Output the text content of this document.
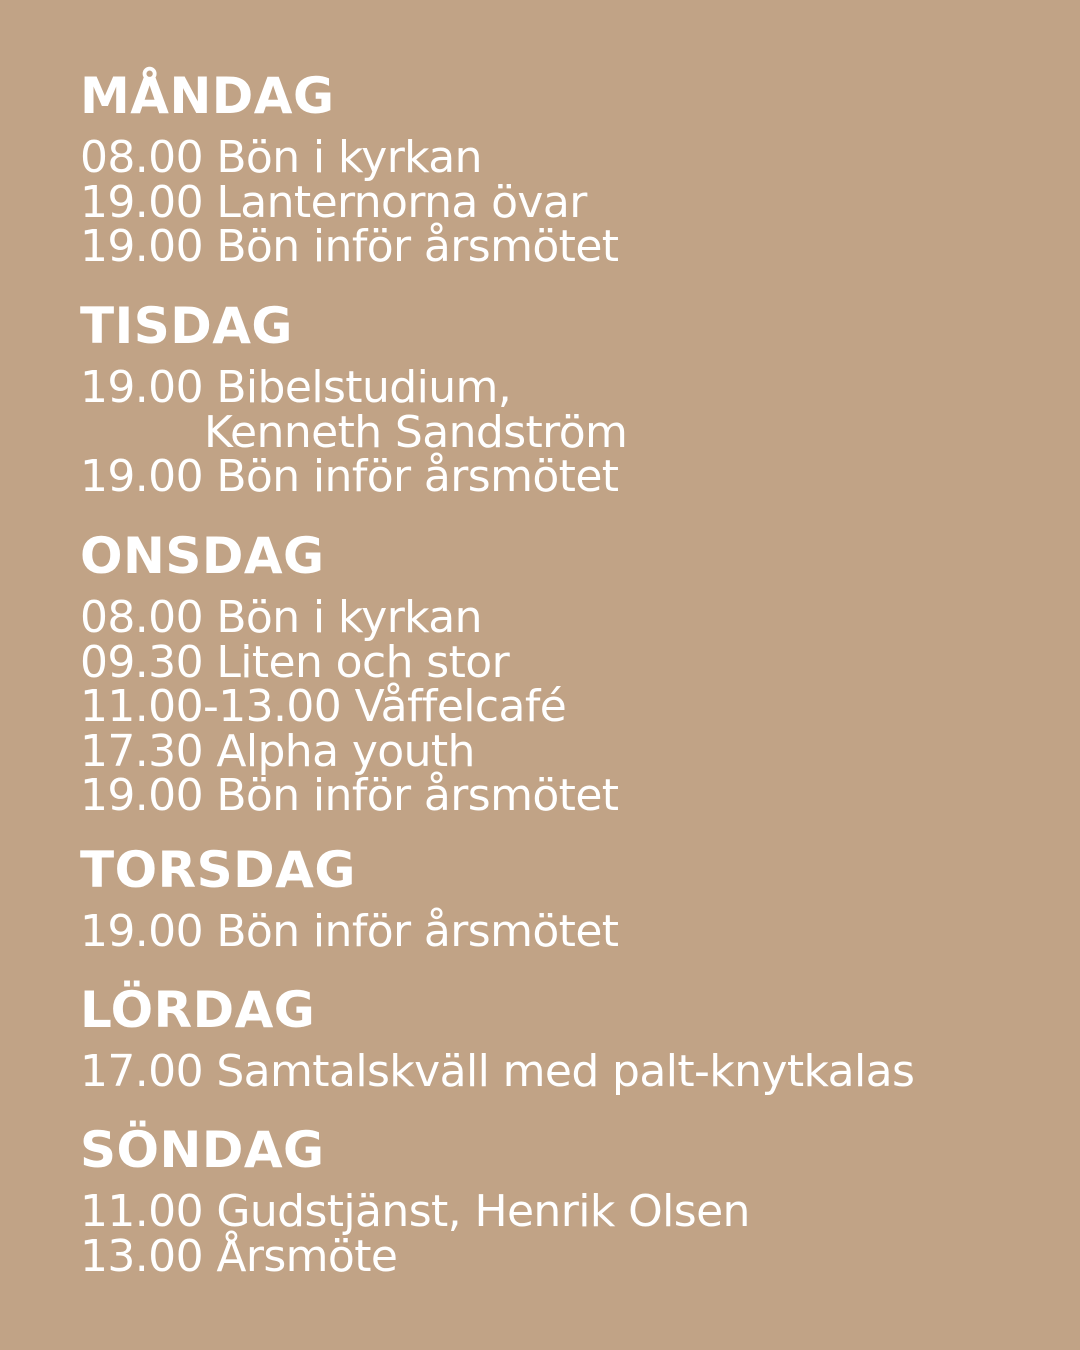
MÅNDAG
08.00 Bön i kyrkan
19.00 Lanternorna övar
19.00 Bön inför årsmötet
TISDAG
19.00 Bibelstudium,
Kenneth Sandström
19.00 Bön inför årsmötet
ONSDAG
08.00 Bön i kyrkan
09.30 Liten och stor
11.00-13.00 Våffelcafé
17.30 Alpha youth
19.00 Bön inför årsmötet
TORSDAG
19.00 Bön inför årsmötet
LÖRDAG
17.00 Samtalskväll med palt-knytkalas
SÖNDAG
11.00 Gudstjänst, Henrik Olsen
13.00 Årsmöte
